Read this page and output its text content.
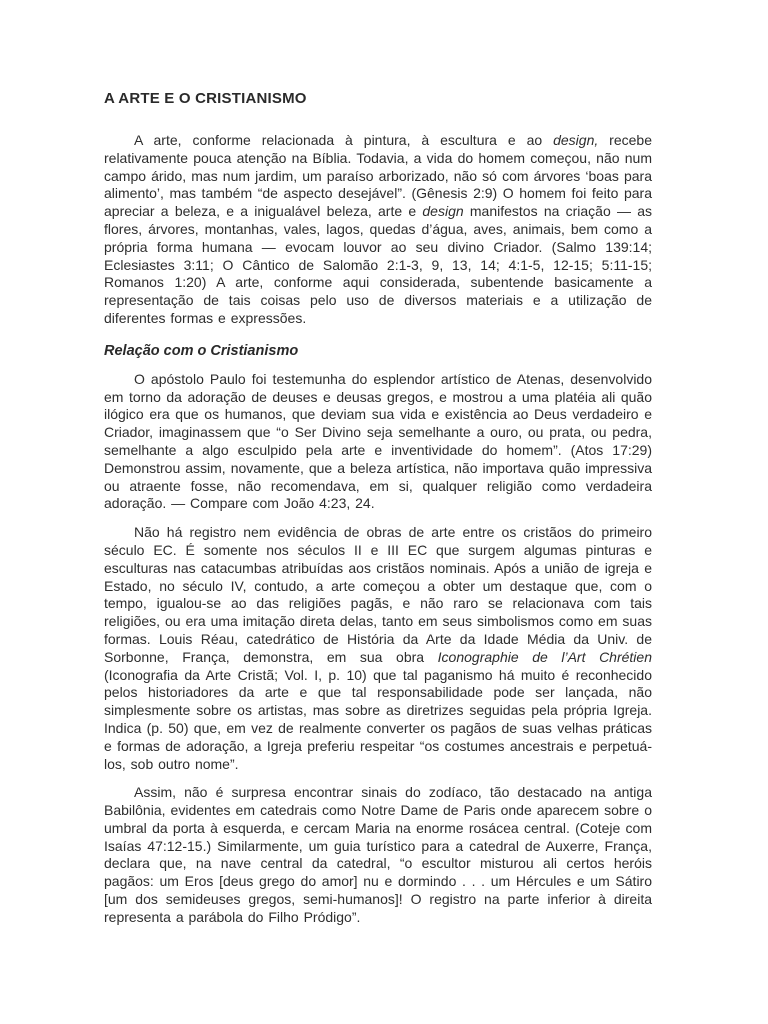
A ARTE E O CRISTIANISMO

A arte, conforme relacionada à pintura, à escultura e ao design, recebe relativamente pouca atenção na Bíblia. Todavia, a vida do homem começou, não num campo árido, mas num jardim, um paraíso arborizado, não só com árvores ‘boas para alimento’, mas também “de aspecto desejável”. (Gênesis 2:9) O homem foi feito para apreciar a beleza, e a inigualável beleza, arte e design manifestos na criação — as flores, árvores, montanhas, vales, lagos, quedas d’água, aves, animais, bem como a própria forma humana — evocam louvor ao seu divino Criador. (Salmo 139:14; Eclesiastes 3:11; O Cântico de Salomão 2:1-3, 9, 13, 14; 4:1-5, 12-15; 5:11-15; Romanos 1:20) A arte, conforme aqui considerada, subentende basicamente a representação de tais coisas pelo uso de diversos materiais e a utilização de diferentes formas e expressões.

Relação com o Cristianismo

O apóstolo Paulo foi testemunha do esplendor artístico de Atenas, desenvolvido em torno da adoração de deuses e deusas gregos, e mostrou a uma platéia ali quão ilógico era que os humanos, que deviam sua vida e existência ao Deus verdadeiro e Criador, imaginassem que “o Ser Divino seja semelhante a ouro, ou prata, ou pedra, semelhante a algo esculpido pela arte e inventividade do homem”. (Atos 17:29) Demonstrou assim, novamente, que a beleza artística, não importava quão impressiva ou atraente fosse, não recomendava, em si, qualquer religião como verdadeira adoração. — Compare com João 4:23, 24.

Não há registro nem evidência de obras de arte entre os cristãos do primeiro século EC. É somente nos séculos II e III EC que surgem algumas pinturas e esculturas nas catacumbas atribuídas aos cristãos nominais. Após a união de igreja e Estado, no século IV, contudo, a arte começou a obter um destaque que, com o tempo, igualou-se ao das religiões pagãs, e não raro se relacionava com tais religiões, ou era uma imitação direta delas, tanto em seus simbolismos como em suas formas. Louis Réau, catedrático de História da Arte da Idade Média da Univ. de Sorbonne, França, demonstra, em sua obra Iconographie de l’Art Chrétien (Iconografia da Arte Cristã; Vol. I, p. 10) que tal paganismo há muito é reconhecido pelos historiadores da arte e que tal responsabilidade pode ser lançada, não simplesmente sobre os artistas, mas sobre as diretrizes seguidas pela própria Igreja. Indica (p. 50) que, em vez de realmente converter os pagãos de suas velhas práticas e formas de adoração, a Igreja preferiu respeitar “os costumes ancestrais e perpetuá-los, sob outro nome”.

Assim, não é surpresa encontrar sinais do zodíaco, tão destacado na antiga Babilônia, evidentes em catedrais como Notre Dame de Paris onde aparecem sobre o umbral da porta à esquerda, e cercam Maria na enorme rosácea central. (Coteje com Isaías 47:12-15.) Similarmente, um guia turístico para a catedral de Auxerre, França, declara que, na nave central da catedral, “o escultor misturou ali certos heróis pagãos: um Eros [deus grego do amor] nu e dormindo . . . um Hércules e um Sátiro [um dos semideuses gregos, semi-humanos]! O registro na parte inferior à direita representa a parábola do Filho Pródigo”.
